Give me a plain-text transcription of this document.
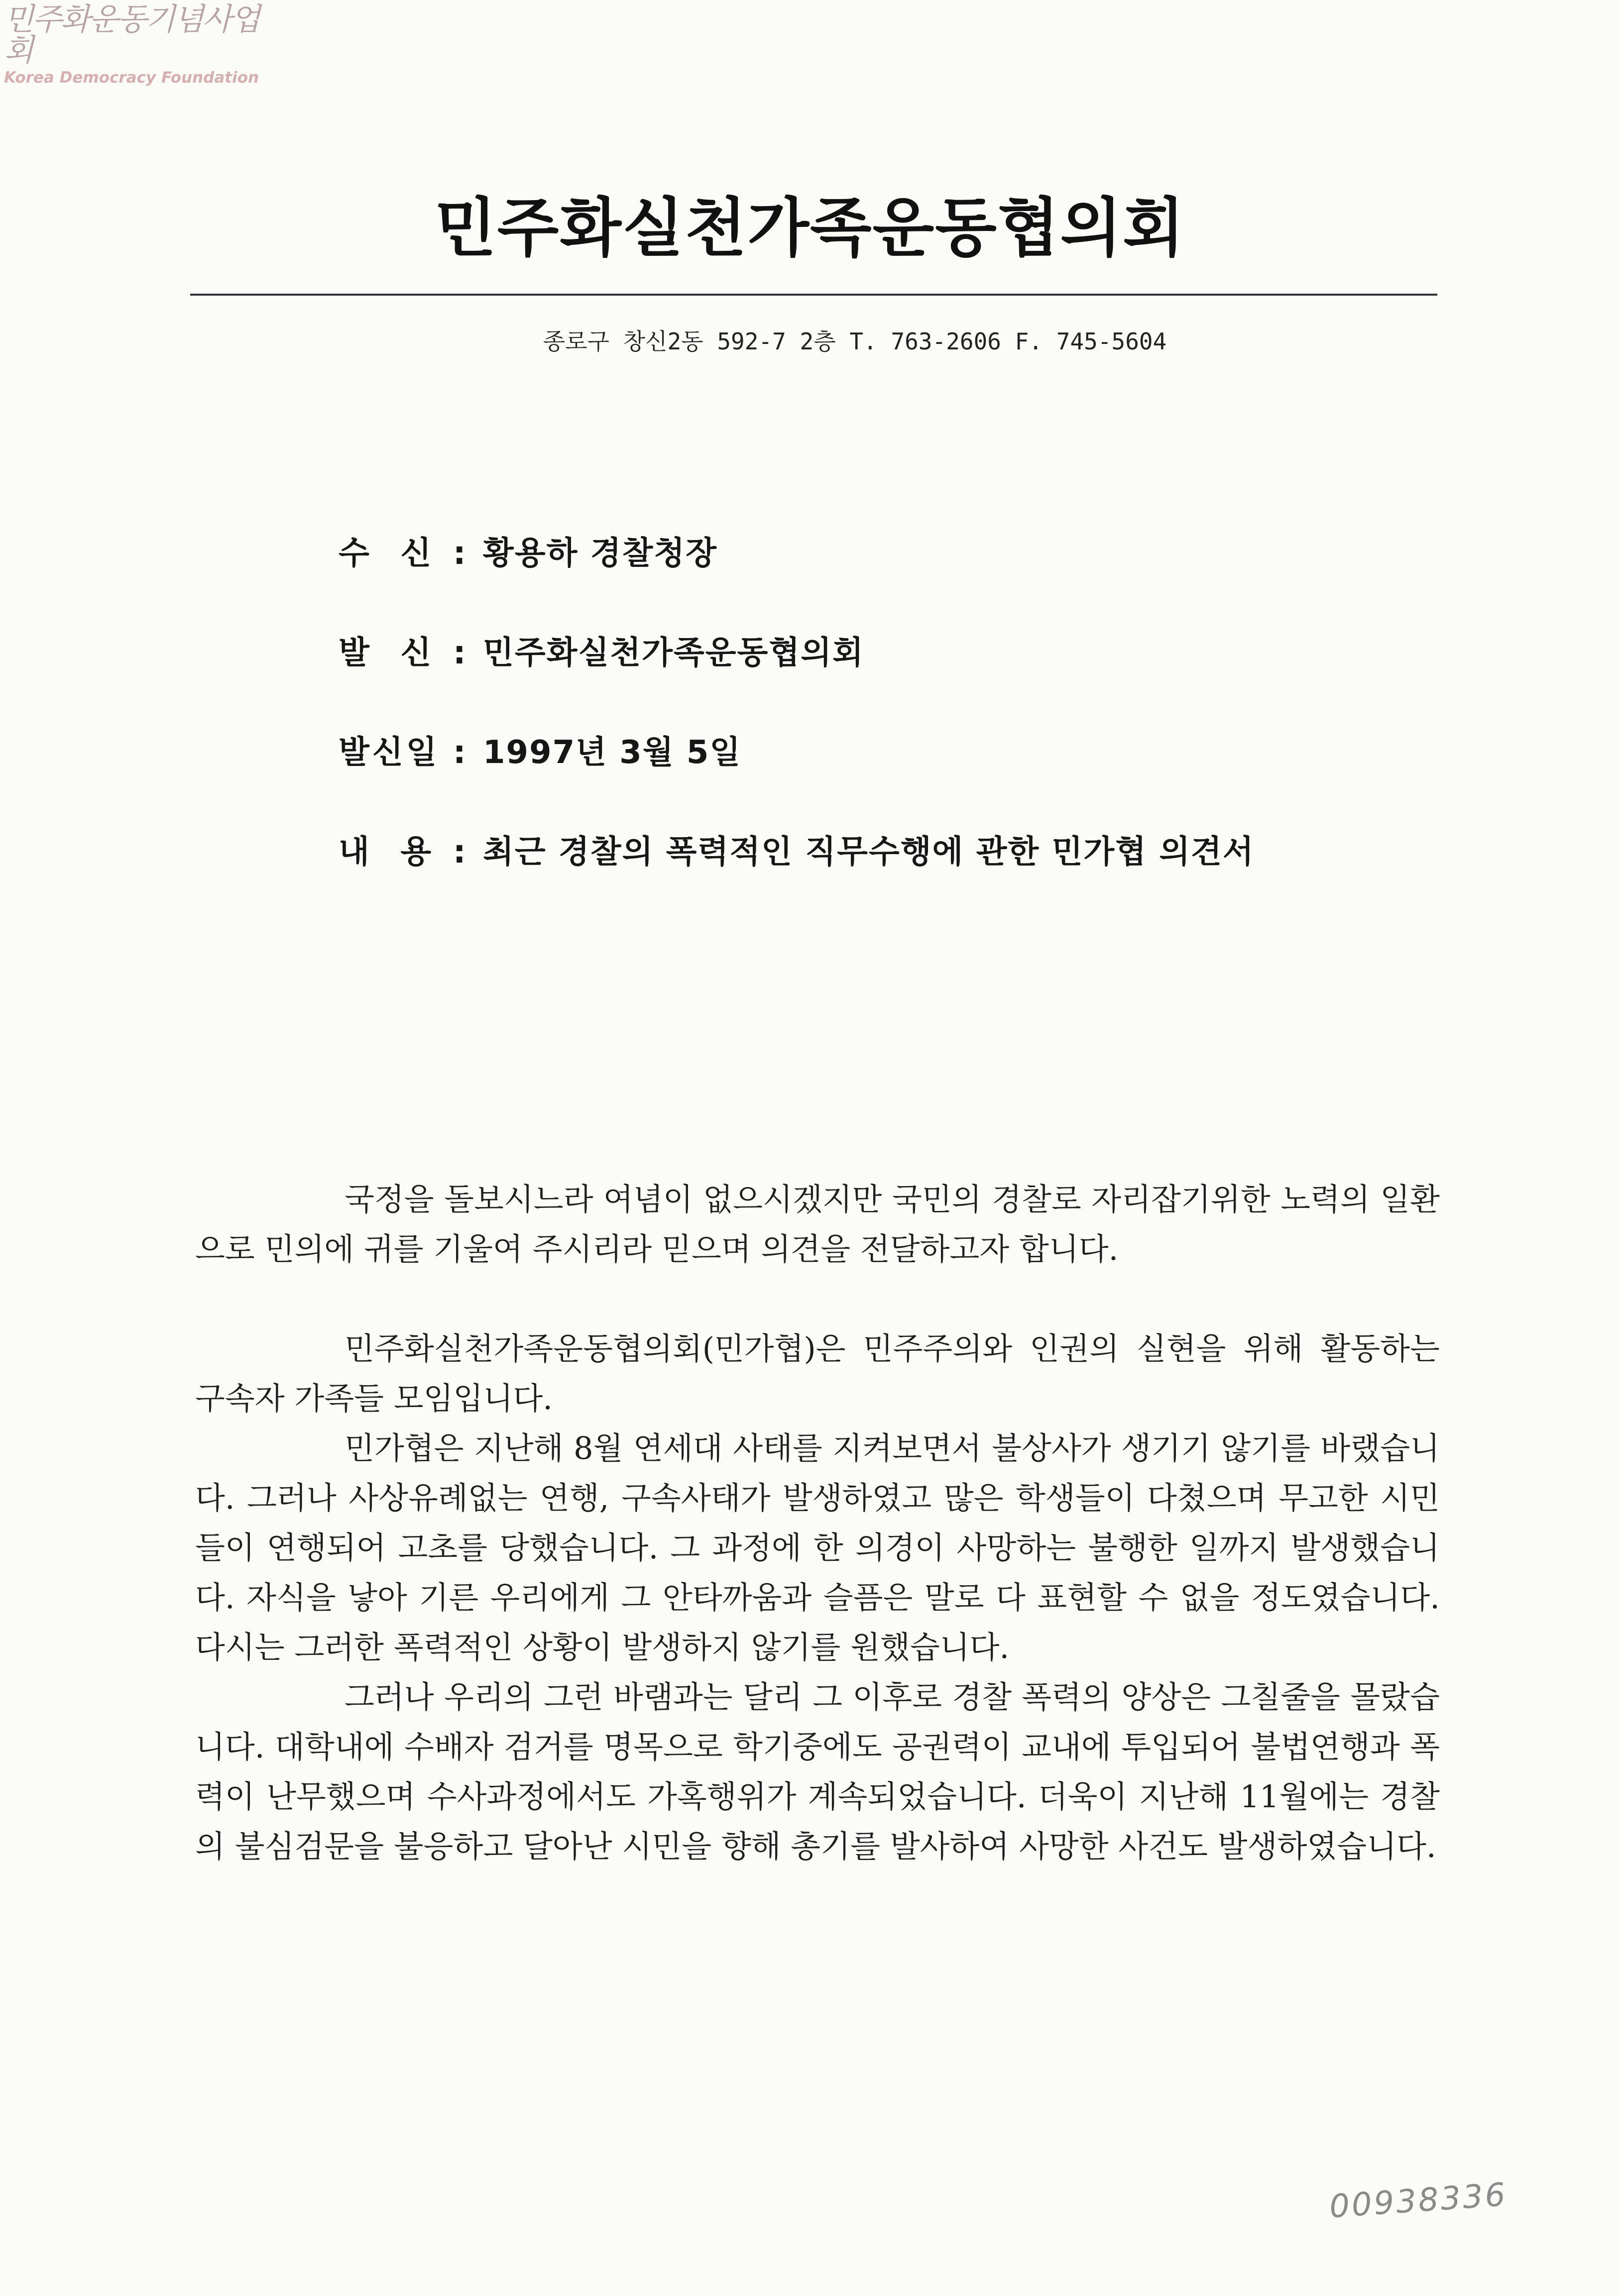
민주화운동기념사업회
Korea Democracy Foundation
민주화실천가족운동협의회
종로구 창신2동 592-7 2층 T. 763-2606 F. 745-5604
수  신 : 황용하 경찰청장
발  신 : 민주화실천가족운동협의회
발신일 : 1997년 3월 5일
내  용 : 최근 경찰의 폭력적인 직무수행에 관한 민가협 의견서

국정을 돌보시느라 여념이 없으시겠지만 국민의 경찰로 자리잡기위한 노력의 일환으로 민의에 귀를 기울여 주시리라 믿으며 의견을 전달하고자 합니다.

민주화실천가족운동협의회(민가협)은 민주주의와 인권의 실현을 위해 활동하는 구속자 가족들 모임입니다.

민가협은 지난해 8월 연세대 사태를 지켜보면서 불상사가 생기기 않기를 바랬습니다. 그러나 사상유례없는 연행, 구속사태가 발생하였고 많은 학생들이 다쳤으며 무고한 시민들이 연행되어 고초를 당했습니다. 그 과정에 한 의경이 사망하는 불행한 일까지 발생했습니다. 자식을 낳아 기른 우리에게 그 안타까움과 슬픔은 말로 다 표현할 수 없을 정도였습니다. 다시는 그러한 폭력적인 상황이 발생하지 않기를 원했습니다.

그러나 우리의 그런 바램과는 달리 그 이후로 경찰 폭력의 양상은 그칠줄을 몰랐습니다. 대학내에 수배자 검거를 명목으로 학기중에도 공권력이 교내에 투입되어 불법연행과 폭력이 난무했으며 수사과정에서도 가혹행위가 계속되었습니다. 더욱이 지난해 11월에는 경찰의 불심검문을 불응하고 달아난 시민을 향해 총기를 발사하여 사망한 사건도 발생하였습니다.

00938336
